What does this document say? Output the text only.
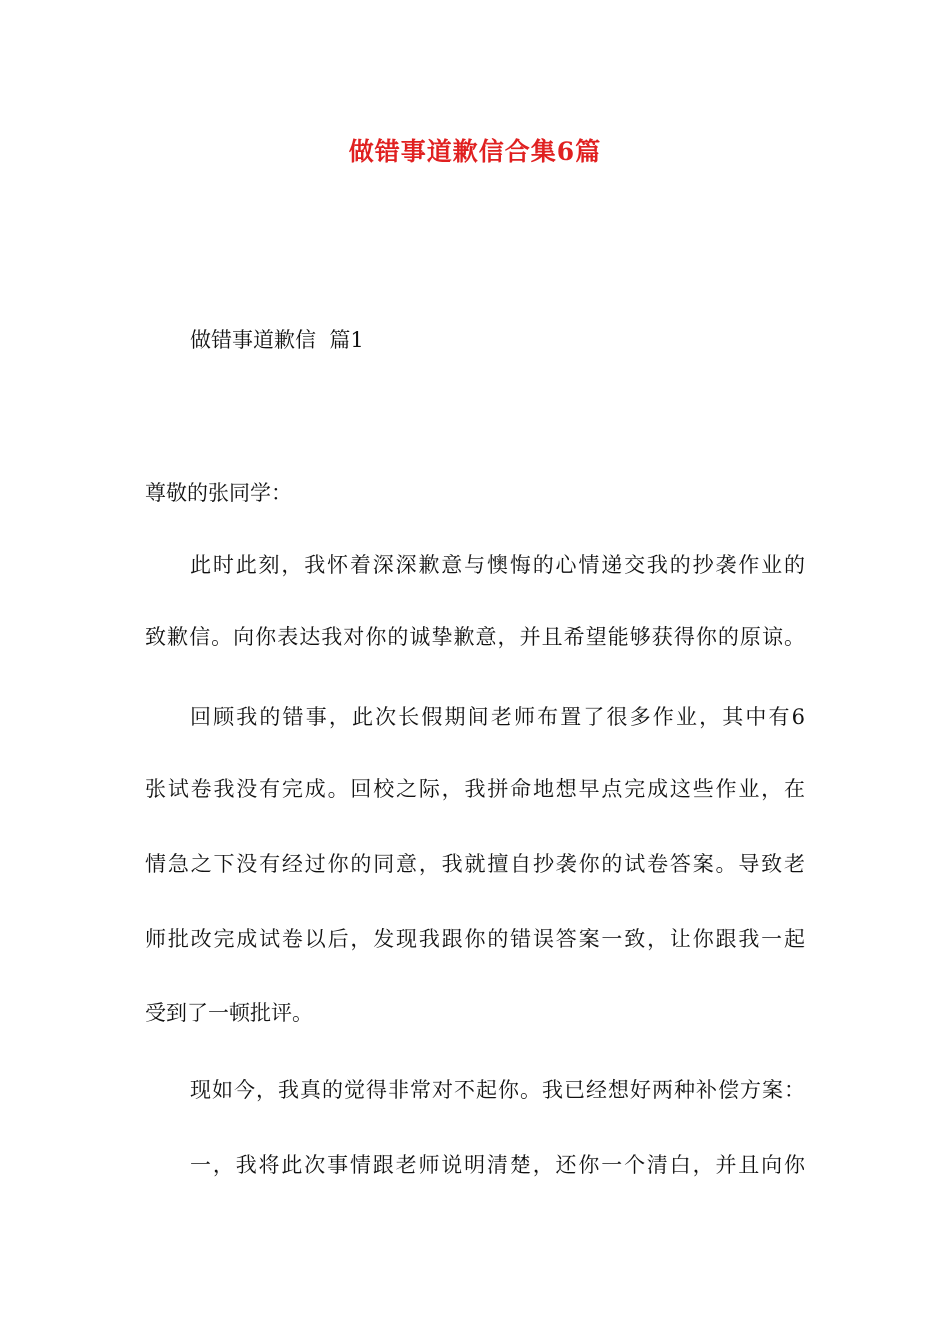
做错事道歉信合集6篇
做错事道歉信  篇1
尊敬的张同学：
此时此刻，我怀着深深歉意与懊悔的心情递交我的抄袭作业的
致歉信。向你表达我对你的诚挚歉意，并且希望能够获得你的原谅。
回顾我的错事，此次长假期间老师布置了很多作业，其中有6
张试卷我没有完成。回校之际，我拼命地想早点完成这些作业，在
情急之下没有经过你的同意，我就擅自抄袭你的试卷答案。导致老
师批改完成试卷以后，发现我跟你的错误答案一致，让你跟我一起
受到了一顿批评。
现如今，我真的觉得非常对不起你。我已经想好两种补偿方案：
一，我将此次事情跟老师说明清楚，还你一个清白，并且向你
